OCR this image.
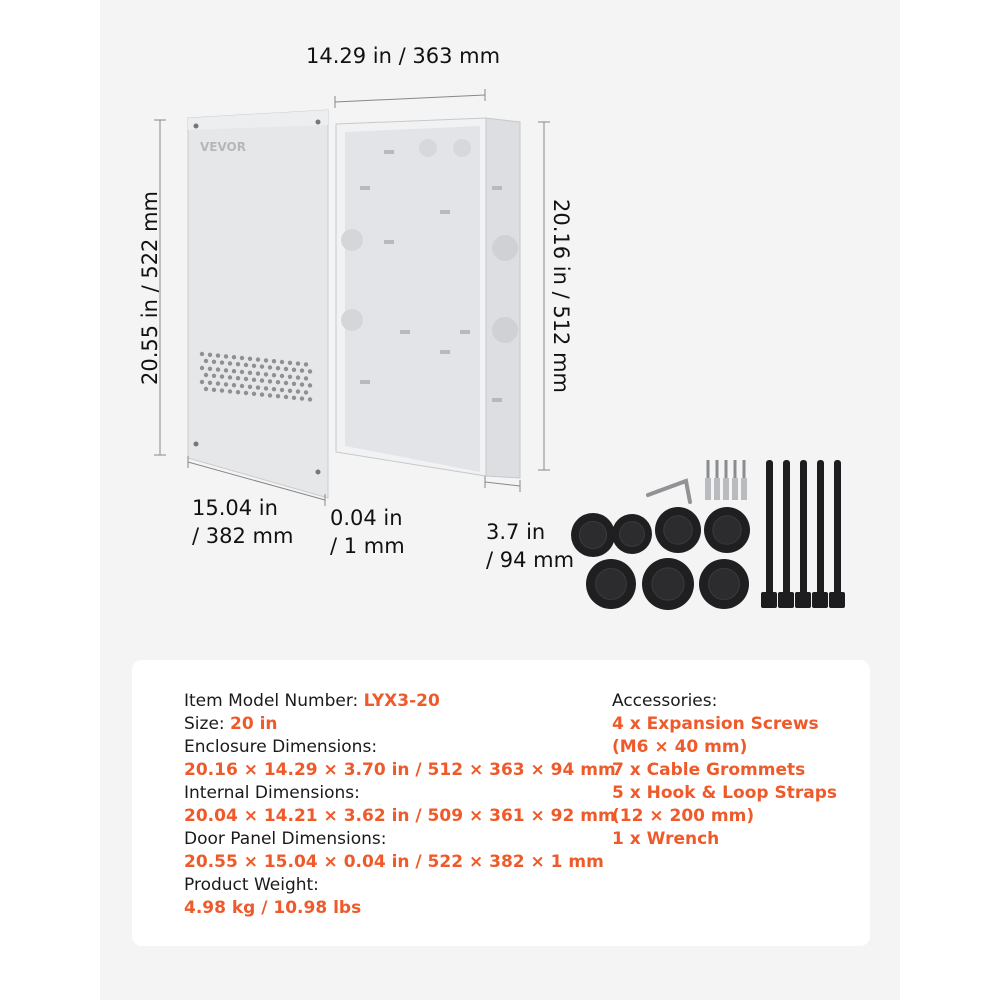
VEVOR
14.29 in / 363 mm
20.55 in / 522 mm	20.16 in / 512 mm
15.04 in
/ 382 mm
0.04 in
/ 1 mm
3.7 in
/ 94 mm
Item Model Number: LYX3-20
Size: 20 in
Enclosure Dimensions:
20.16 × 14.29 × 3.70 in / 512 × 363 × 94 mm
Internal Dimensions:
20.04 × 14.21 × 3.62 in / 509 × 361 × 92 mm
Door Panel Dimensions:
20.55 × 15.04 × 0.04 in / 522 × 382 × 1 mm
Product Weight:
4.98 kg / 10.98 lbs
Accessories:
4 x Expansion Screws
(M6 × 40 mm)
7 x Cable Grommets
5 x Hook & Loop Straps
(12 × 200 mm)
1 x Wrench
